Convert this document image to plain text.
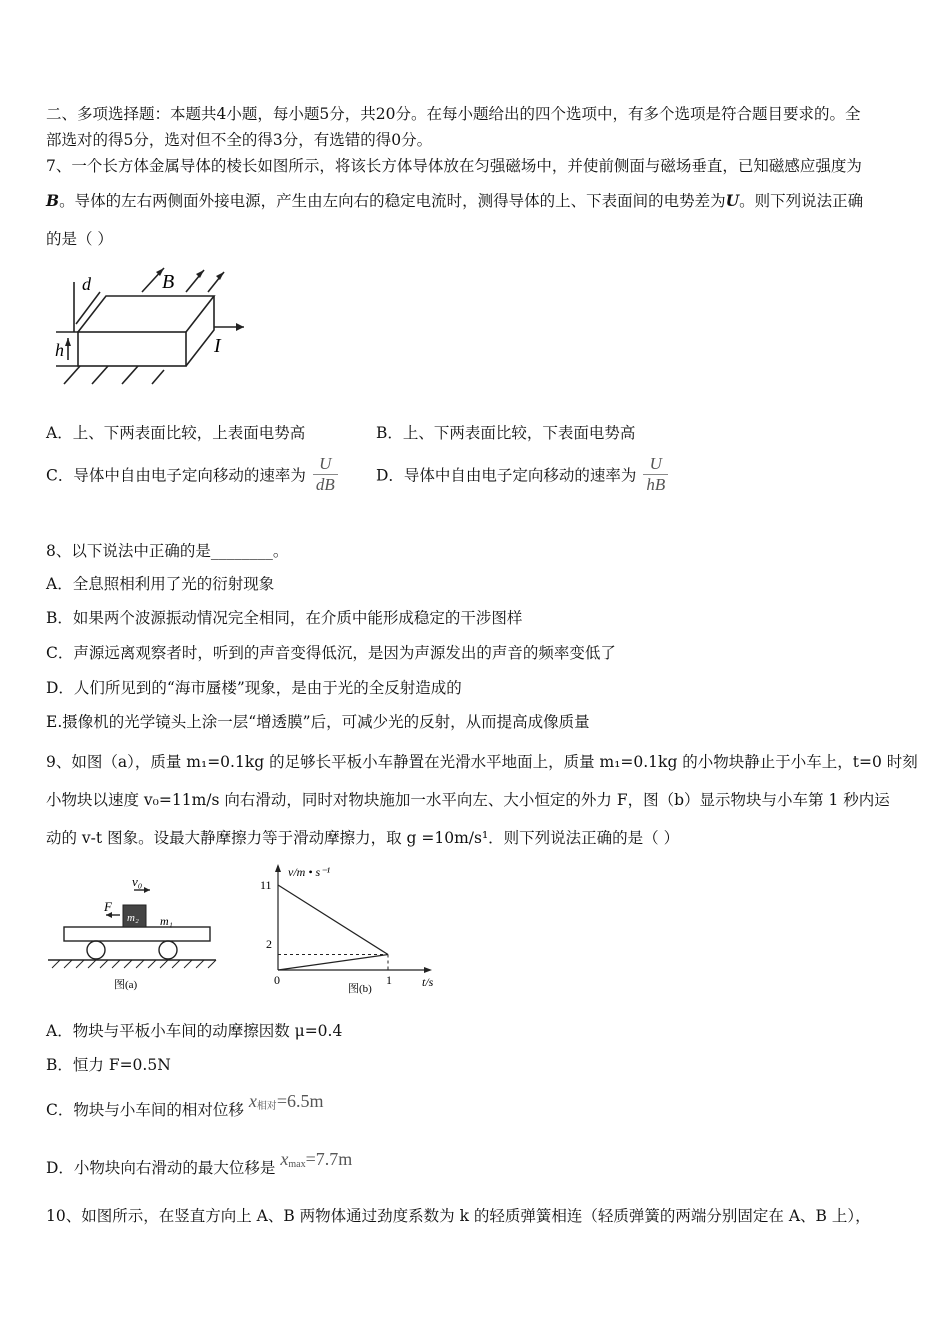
二、多项选择题：本题共4小题，每小题5分，共20分。在每小题给出的四个选项中，有多个选项是符合题目要求的。全
部选对的得5分，选对但不全的得3分，有选错的得0分。
7、一个长方体金属导体的棱长如图所示，将该长方体导体放在匀强磁场中，并使前侧面与磁场垂直，已知磁感应强度为
B。导体的左右两侧面外接电源，产生由左向右的稳定电流时，测得导体的上、下表面间的电势差为U。则下列说法正确
的是（ ）
d	B
h	I
A．上、下两表面比较，上表面电势高	B．上、下两表面比较，下表面电势高
C．导体中自由电子定向移动的速率为 $\frac{U}{dB}$ D．导体中自由电子定向移动的速率为 $\frac{U}{hB}$
8、以下说法中正确的是________。
A．全息照相利用了光的衍射现象
B．如果两个波源振动情况完全相同，在介质中能形成稳定的干涉图样
C．声源远离观察者时，听到的声音变得低沉，是因为声源发出的声音的频率变低了
D．人们所见到的“海市蜃楼”现象，是由于光的全反射造成的
E.摄像机的光学镜头上涂一层“增透膜”后，可减少光的反射，从而提高成像质量
9、如图（a），质量 m₁=0.1kg 的足够长平板小车静置在光滑水平地面上，质量 m₁=0.1kg 的小物块静止于小车上，t=0 时刻
小物块以速度 v₀=11m/s 向右滑动，同时对物块施加一水平向左、大小恒定的外力 F，图（b）显示物块与小车第 1 秒内运
动的 v-t 图象。设最大静摩擦力等于滑动摩擦力，取 g =10m/s¹．则下列说法正确的是（ ）
v₀
F
m₂ m₁
图(a)
v/m • s⁻¹
t/s
11
2
0	1
图(b)
A．物块与平板小车间的动摩擦因数 μ=0.4
B．恒力 F=0.5N
C．物块与小车间的相对位移 $x_{相对}=6.5m$
D．小物块向右滑动的最大位移是 $x_{max}=7.7m$
10、如图所示，在竖直方向上 A、B 两物体通过劲度系数为 k 的轻质弹簧相连（轻质弹簧的两端分别固定在 A、B 上），
